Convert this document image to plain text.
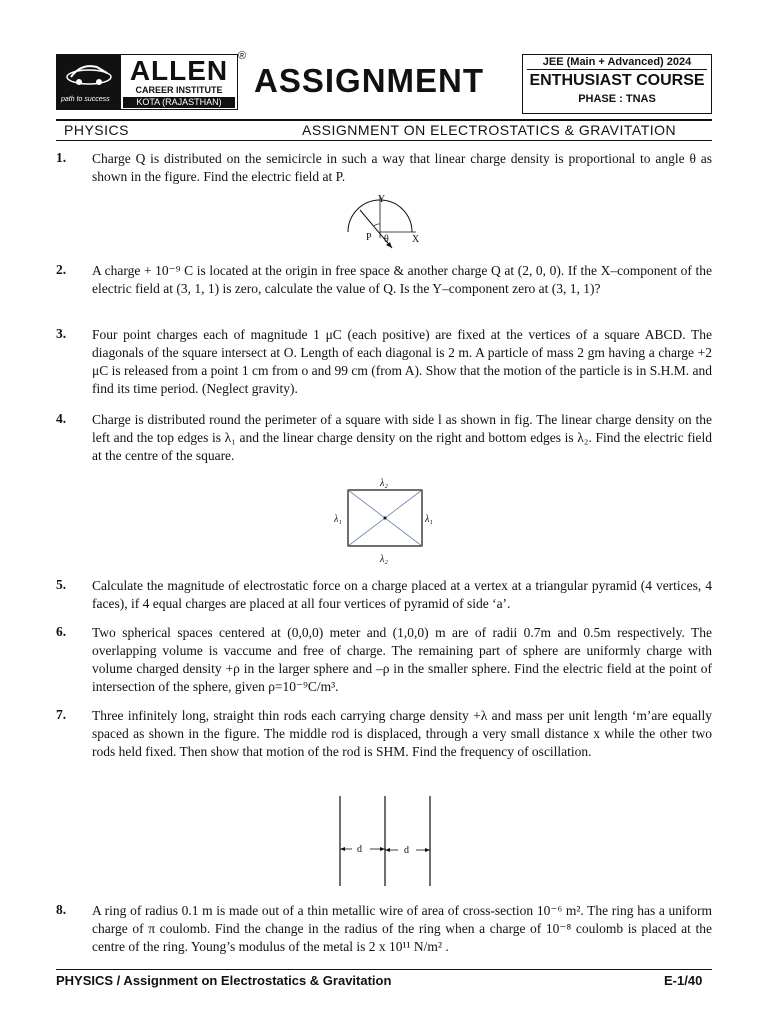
path to success
ALLEN
CAREER INSTITUTE
KOTA (RAJASTHAN)
®
ASSIGNMENT	JEE (Main + Advanced) 2024
ENTHUSIAST COURSE
PHASE : TNAS
PHYSICS	ASSIGNMENT ON ELECTROSTATICS & GRAVITATION
1. Charge Q is distributed on the semicircle in such a way that linear charge density is proportional to angle θ as shown in the figure. Find the electric field at P.
Y
X
P θ
2. A charge + 10⁻⁹ C is located at the origin in free space & another charge Q at (2, 0, 0). If the X–component of the electric field at (3, 1, 1) is zero, calculate the value of Q. Is the Y–component zero at (3, 1, 1)?
3. Four point charges each of magnitude 1 μC (each positive) are fixed at the vertices of a square ABCD. The diagonals of the square intersect at O. Length of each diagonal is 2 m. A particle of mass 2 gm having a charge +2 μC is released from a point 1 cm from o and 99 cm (from A). Show that the motion of the particle is in S.H.M. and find its time period. (Neglect gravity).
4. Charge is distributed round the perimeter of a square with side l as shown in fig. The linear charge density on the left and the top edges is λ₁ and the linear charge density on the right and bottom edges is λ₂. Find the electric field at the centre of the square.
λ₂
λ₂
λ₁	λ₁
5. Calculate the magnitude of electrostatic force on a charge placed at a vertex at a triangular pyramid (4 vertices, 4 faces), if 4 equal charges are placed at all four vertices of pyramid of side ‘a’.
6. Two spherical spaces centered at (0,0,0) meter and (1,0,0) m are of radii 0.7m and 0.5m respectively. The overlapping volume is vaccume and free of charge. The remaining part of sphere are uniformly charge with volume charged density +ρ in the larger sphere and –ρ in the smaller sphere. Find the electric field at the point of intersection of the sphere, given ρ=10⁻⁹C/m³.
7. Three infinitely long, straight thin rods each carrying charge density +λ and mass per unit length ‘m’are equally spaced as shown in the figure. The middle rod is displaced, through a very small distance x while the other two rods held fixed. Then show that motion of the rod is SHM. Find the frequency of oscillation.
d	d
8. A ring of radius 0.1 m is made out of a thin metallic wire of area of cross-section 10⁻⁶ m². The ring has a uniform charge of π coulomb. Find the change in the radius of the ring when a charge of 10⁻⁸ coulomb is placed at the centre of the ring. Young’s modulus of the metal is 2 x 10¹¹ N/m² .
PHYSICS / Assignment on Electrostatics & Gravitation	E-1/40
